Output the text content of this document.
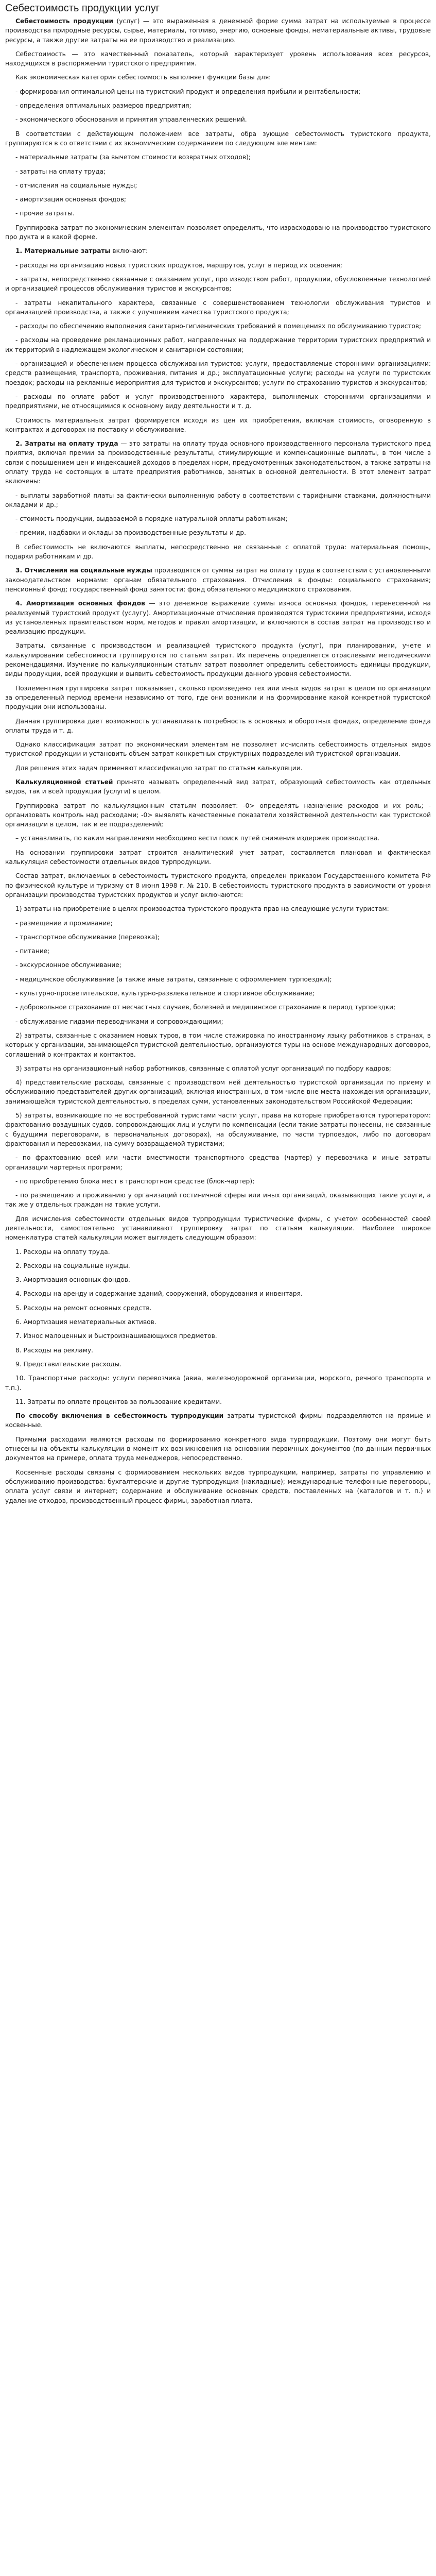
Себестоимость продукции услуг

Себестоимость продукции (услуг) — это выраженная в денежной форме сумма затрат на используемые в процессе производства природные ресурсы, сырье, материалы, топливо, энергию, основные фонды, нематериальные активы, трудовые ресурсы, а также другие затраты на ее производство и реализацию.

Себестоимость — это качественный показатель, который характеризует уровень использования всех ресурсов, находящихся в распоряжении туристского предприятия.

Как экономическая категория себестоимость выполняет функции базы для:

- формирования оптимальной цены на туристский продукт и определения прибыли и рентабельности;

- определения оптимальных размеров предприятия;

- экономического обоснования и принятия управленческих решений.

В соответствии с действующим положением все затраты, обра зующие себестоимость туристского продукта, группируются в со ответствии с их экономическим содержанием по следующим эле ментам:

- материальные затраты (за вычетом стоимости возвратных отходов);

- затраты на оплату труда;

- отчисления на социальные нужды;

- амортизация основных фондов;

- прочие затраты.

Группировка затрат по экономическим элементам позволяет определить, что израсходовано на производство туристского про дукта и в какой форме.

1. Материальные затраты включают:

- расходы на организацию новых туристских продуктов, маршрутов, услуг в период их освоения;

- затраты, непосредственно связанные с оказанием услуг, про изводством работ, продукции, обусловленные технологией и организацией процессов обслуживания туристов и экскурсантов;

- затраты некапитального характера, связанные с совершенствованием технологии обслуживания туристов и организацией производства, а также с улучшением качества туристского продукта;

- расходы по обеспечению выполнения санитарно-гигиенических требований в помещениях по обслуживанию туристов;

- расходы на проведение рекламационных работ, направленных на поддержание территории туристских предприятий и их территорий в надлежащем экологическом и санитарном состоянии;

- организацией и обеспечением процесса обслуживания туристов: услуги, предоставляемые сторонними организациями: средств размещения, транспорта, проживания, питания и др.; эксплуатационные услуги; расходы на услуги по туристских поездок; расходы на рекламные мероприятия для туристов и экскурсантов; услуги по страхованию туристов и экскурсантов;

- расходы по оплате работ и услуг производственного характера, выполняемых сторонними организациями и предприятиями, не относящимися к основному виду деятельности и т. д.

Стоимость материальных затрат формируется исходя из цен их приобретения, включая стоимость, оговоренную в контрактах и договорах на поставку и обслуживание.

2. Затраты на оплату труда — это затраты на оплату труда основного производственного персонала туристского пред приятия, включая премии за производственные результаты, стимулирующие и компенсационные выплаты, в том числе в связи с повышением цен и индексацией доходов в пределах норм, предусмотренных законодательством, а также затраты на оплату труда не состоящих в штате предприятия работников, занятых в основной деятельности. В этот элемент затрат включены:

- выплаты заработной платы за фактически выполненную работу в соответствии с тарифными ставками, должностными окладами и др.;

- стоимость продукции, выдаваемой в порядке натуральной оплаты работникам;

- премии, надбавки и оклады за производственные результаты и др.

В себестоимость не включаются выплаты, непосредственно не связанные с оплатой труда: материальная помощь, подарки работникам и др.

3. Отчисления на социальные нужды производятся от суммы затрат на оплату труда в соответствии с установленными законодательством нормами: органам обязательного страхования. Отчисления в фонды: социального страхования; пенсионный фонд; государственный фонд занятости; фонд обязательного медицинского страхования.

4. Амортизация основных фондов — это денежное выражение суммы износа основных фондов, перенесенной на реализуемый туристский продукт (услугу). Амортизационные отчисления производятся туристскими предприятиями, исходя из установленных правительством норм, методов и правил амортизации, и включаются в состав затрат на производство и реализацию продукции.

Затраты, связанные с производством и реализацией туристского продукта (услуг), при планировании, учете и калькулировании себестоимости группируются по статьям затрат. Их перечень определяется отраслевыми методическими рекомендациями. Изучение по калькуляционным статьям затрат позволяет определить себестоимость единицы продукции, виды продукции, всей продукции и выявить себестоимость продукции данного уровня себестоимости.

Поэлементная группировка затрат показывает, сколько произведено тех или иных видов затрат в целом по организации за определенный период времени независимо от того, где они возникли и на формирование какой конкретной туристской продукции они использованы.

Данная группировка дает возможность устанавливать потребность в основных и оборотных фондах, определение фонда оплаты труда и т. д.

Однако классификация затрат по экономическим элементам не позволяет исчислить себестоимость отдельных видов туристской продукции и установить объем затрат конкретных структурных подразделений туристской организации.

Для решения этих задач применяют классификацию затрат по статьям калькуляции.

Калькуляционной статьей принято называть определенный вид затрат, образующий себестоимость как отдельных видов, так и всей продукции (услуги) в целом.

Группировка затрат по калькуляционным статьям позволяет: -0> определять назначение расходов и их роль; - организовать контроль над расходами; -0> выявлять качественные показатели хозяйственной деятельности как туристской организации в целом, так и ее подразделений;

– устанавливать, по каким направлениям необходимо вести поиск путей снижения издержек производства.

На основании группировки затрат строится аналитический учет затрат, составляется плановая и фактическая калькуляция себестоимости отдельных видов турпродукции.

Состав затрат, включаемых в себестоимость туристского продукта, определен приказом Государственного комитета РФ по физической культуре и туризму от 8 июня 1998 г. № 210. В себестоимость туристского продукта в зависимости от уровня организации производства туристских продуктов и услуг включаются:

1) затраты на приобретение в целях производства туристского продукта прав на следующие услуги туристам:

- размещение и проживание;

- транспортное обслуживание (перевозка);

- питание;

- экскурсионное обслуживание;

- медицинское обслуживание (а также иные затраты, связанные с оформлением турпоездки);

- культурно-просветительское, культурно-развлекательное и спортивное обслуживание;

- добровольное страхование от несчастных случаев, болезней и медицинское страхование в период турпоездки;

- обслуживание гидами-переводчиками и сопровождающими;

2) затраты, связанные с оказанием новых туров, в том числе стажировка по иностранному языку работников в странах, в которых у организации, занимающейся туристской деятельностью, организуются туры на основе международных договоров, соглашений о контрактах и контактов.

3) затраты на организационный набор работников, связанные с оплатой услуг организаций по подбору кадров;

4) представительские расходы, связанные с производством ней деятельностью туристской организации по приему и обслуживанию представителей других организаций, включая иностранных, в том числе вне места нахождения организации, занимающейся туристской деятельностью, в пределах сумм, установленных законодательством Российской Федерации;

5) затраты, возникающие по не востребованной туристами части услуг, права на которые приобретаются туроператором: фрахтованию воздушных судов, сопровождающих лиц и услуги по компенсации (если такие затраты понесены, не связанные с будущими переговорами, в первоначальных договорах), на обслуживание, по части турпоездок, либо по договорам фрахтования и перевозками, на сумму возвращаемой туристами;

- по фрахтованию всей или части вместимости транспортного средства (чартер) у перевозчика и иные затраты организации чартерных программ;

- по приобретению блока мест в транспортном средстве (блок-чартер);

- по размещению и проживанию у организаций гостиничной сферы или иных организаций, оказывающих такие услуги, а так же у отдельных граждан на такие услуги.

Для исчисления себестоимости отдельных видов турпродукции туристические фирмы, с учетом особенностей своей деятельности, самостоятельно устанавливают группировку затрат по статьям калькуляции. Наиболее широкое номенклатура статей калькуляции может выглядеть следующим образом:

1. Расходы на оплату труда.

2. Расходы на социальные нужды.

3. Амортизация основных фондов.

4. Расходы на аренду и содержание зданий, сооружений, оборудования и инвентаря.

5. Расходы на ремонт основных средств.

6. Амортизация нематериальных активов.

7. Износ малоценных и быстроизнашивающихся предметов.

8. Расходы на рекламу.

9. Представительские расходы.

10. Транспортные расходы: услуги перевозчика (авиа, железнодорожной организации, морского, речного транспорта и т.п.).

11. Затраты по оплате процентов за пользование кредитами.

По способу включения в себестоимость турпродукции затраты туристской фирмы подразделяются на прямые и косвенные.

Прямыми расходами являются расходы по формированию конкретного вида турпродукции. Поэтому они могут быть отнесены на объекты калькуляции в момент их возникновения на основании первичных документов (по данным первичных документов на примере, оплата труда менеджеров, непосредственно.

Косвенные расходы связаны с формированием нескольких видов турпродукции, например, затраты по управлению и обслуживанию производства: бухгалтерские и другие турпродукция (накладные); международные телефонные переговоры, оплата услуг связи и интернет; содержание и обслуживание основных средств, поставленных на (каталогов и т. п.) и удаление отходов, производственный процесс фирмы, заработная плата.
